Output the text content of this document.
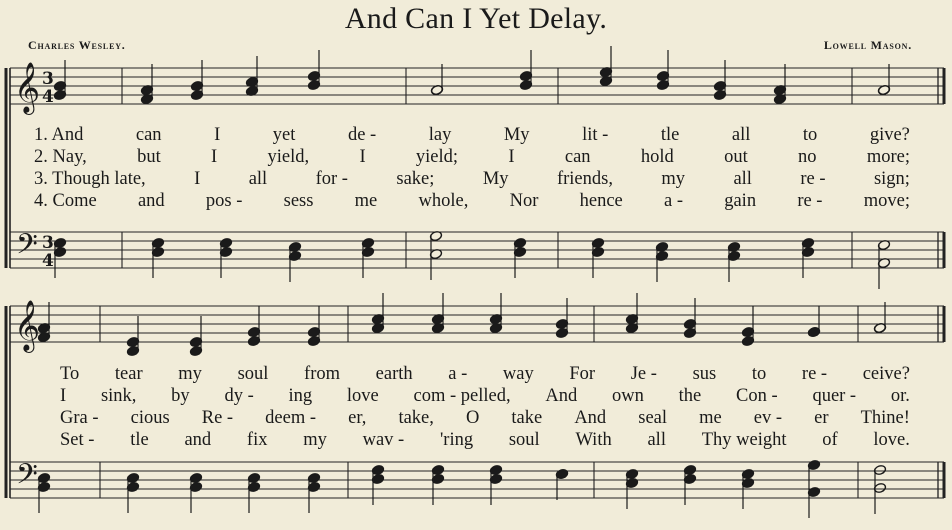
And Can I Yet Delay.
Charles Wesley.	Lowell Mason.
𝄞
𝄢
3
3
4
4
𝄞
𝄢
1. And	can	I	yet	de -	lay	My	lit -	tle	all	to	give?
2. Nay,	but	I	yield,	I	yield;	I	can	hold	out	no	more;
3. Though late,	I	all	for -	sake;	My	friends,	my	all	re -	sign;
4. Come and pos - sess me whole, Nor hence a - gain re - move;
To tear my soul from earth a - way For Je - sus to re - ceive?
I sink, by dy - ing love com - pelled, And own the Con - quer - or.
Gra - cious Re - deem - er, take, O take And seal me ev - er Thine!
Set - tle and fix my wav - 'ring soul With all Thy weight of love.
